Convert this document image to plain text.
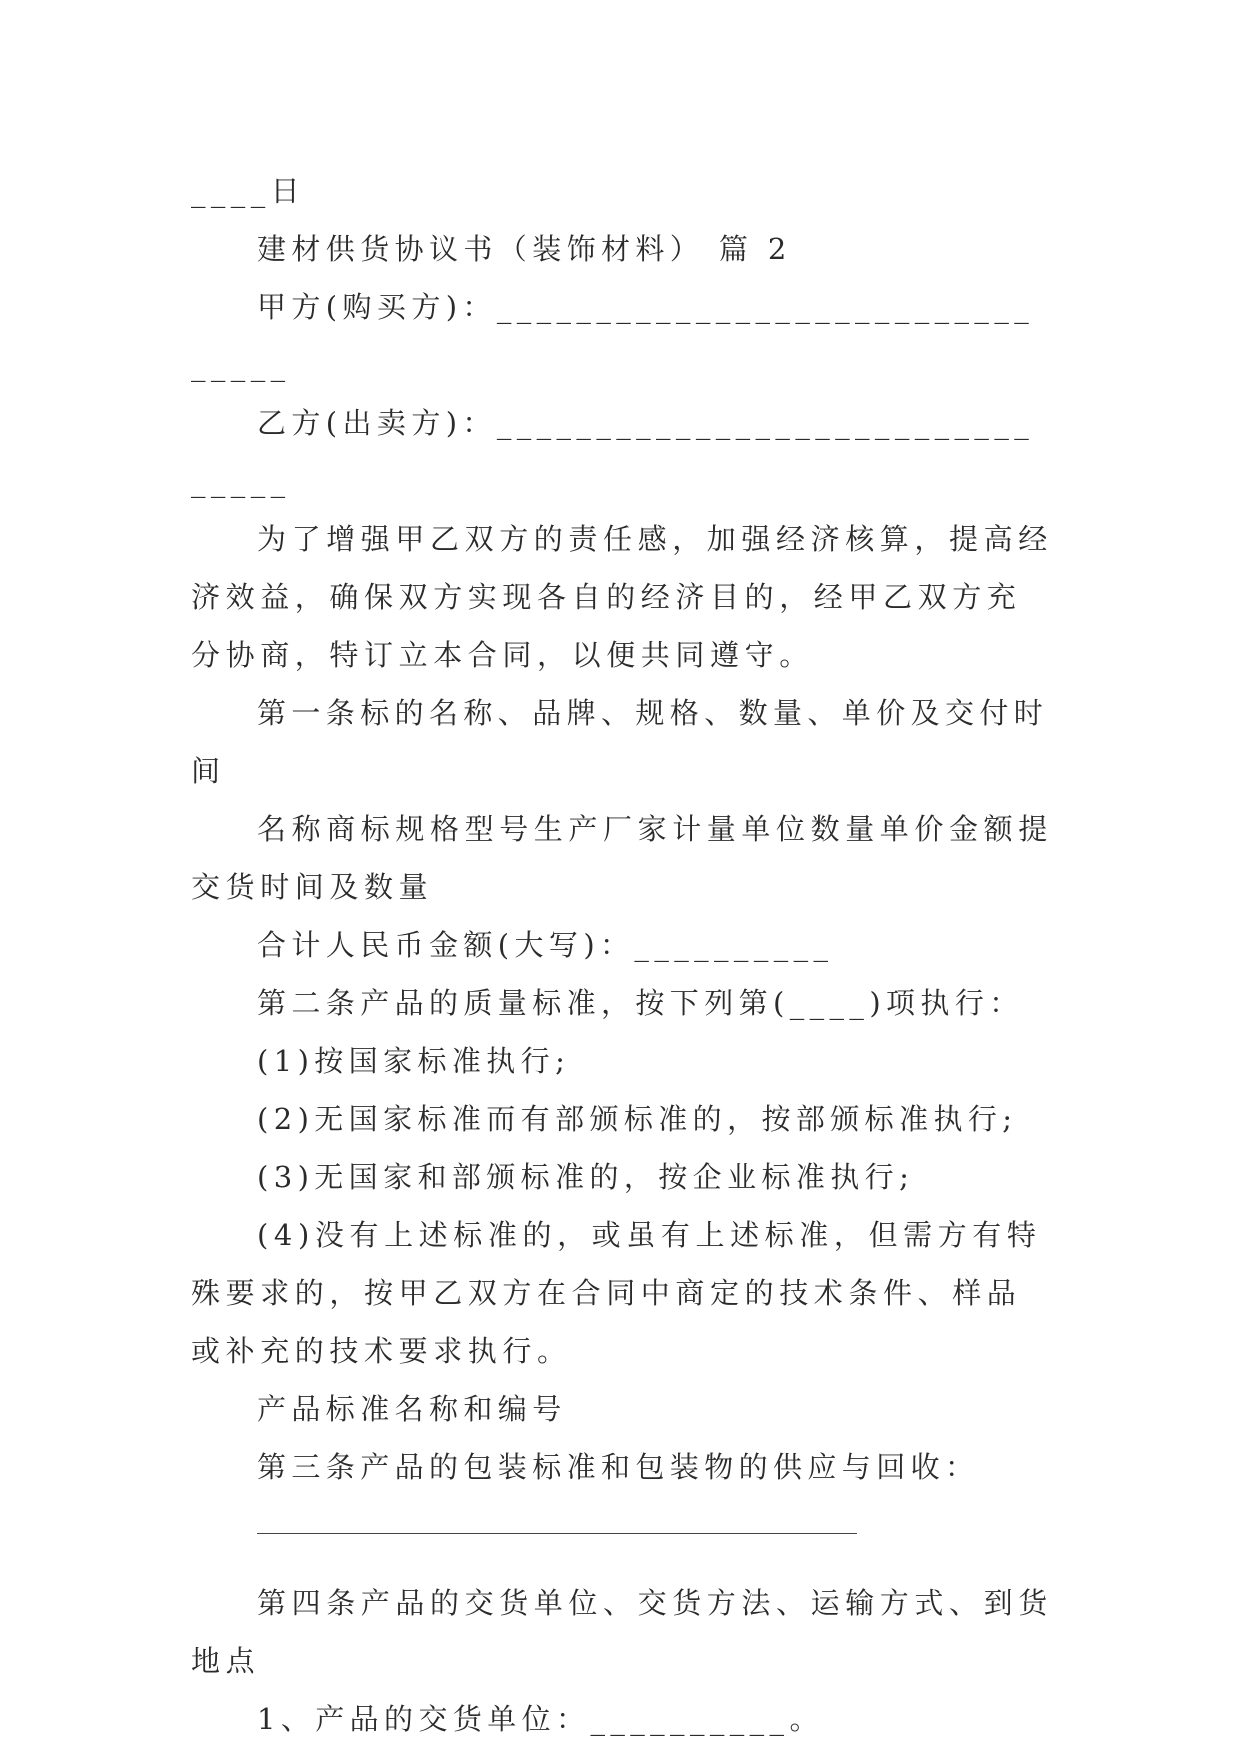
____日

建材供货协议书（装饰材料） 篇 2

甲方(购买方)：________________________________

乙方(出卖方)：________________________________

为了增强甲乙双方的责任感，加强经济核算，提高经济效益，确保双方实现各自的经济目的，经甲乙双方充分协商，特订立本合同，以便共同遵守。

第一条标的名称、品牌、规格、数量、单价及交付时间

名称商标规格型号生产厂家计量单位数量单价金额提交货时间及数量

合计人民币金额(大写)：__________

第二条产品的质量标准，按下列第(____)项执行：

(1)按国家标准执行;

(2)无国家标准而有部颁标准的，按部颁标准执行;

(3)无国家和部颁标准的，按企业标准执行;

(4)没有上述标准的，或虽有上述标准，但需方有特殊要求的，按甲乙双方在合同中商定的技术条件、样品或补充的技术要求执行。

产品标准名称和编号

第三条产品的包装标准和包装物的供应与回收：

第四条产品的交货单位、交货方法、运输方式、到货地点

1、产品的交货单位：__________。
